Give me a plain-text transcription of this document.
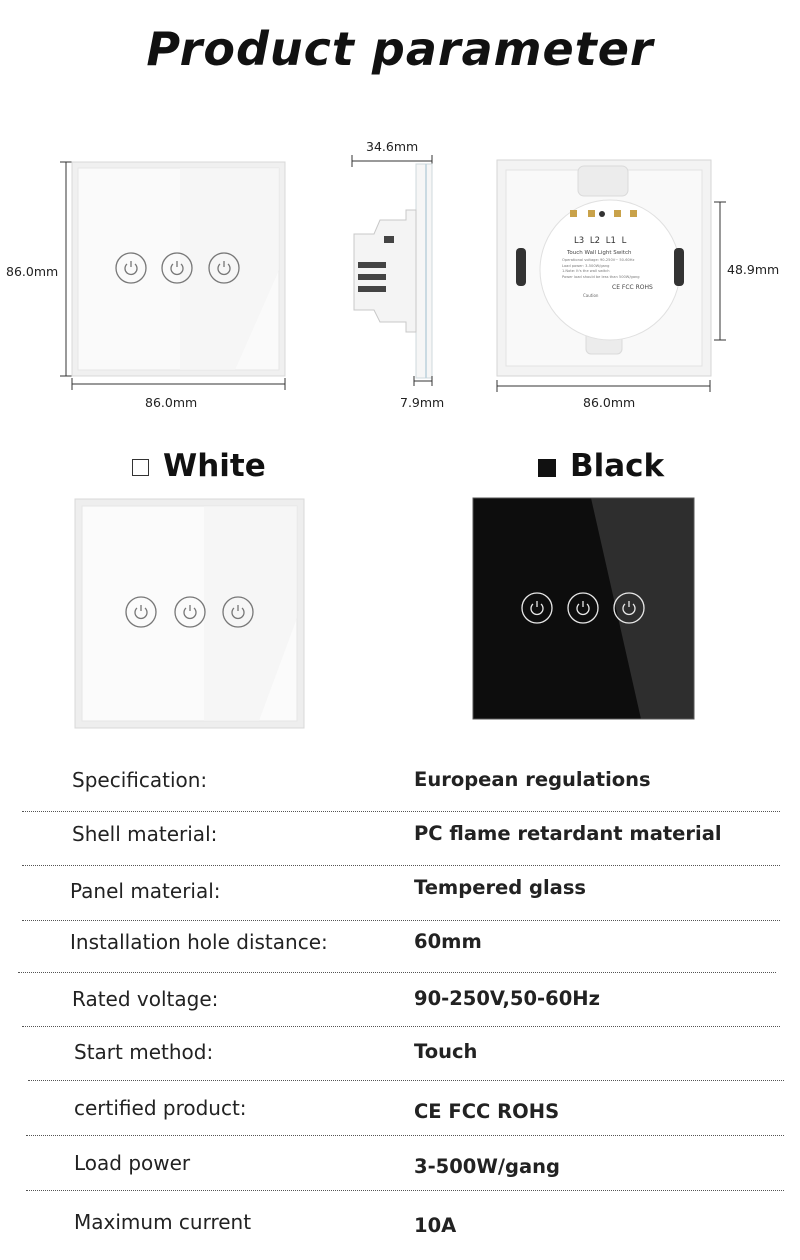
Product parameter
86.0mm
86.0mm
34.6mm
7.9mm
L3 L2 L1 L
Touch Wall Light Switch
Operational voltage: 90-250V~ 50-60Hz
Load power: 3-500W/gang
1.Note: It's the wall switch
Power load should be less than 500W/gang
CE FCC ROHS
Caution
48.9mm
86.0mm
White	Black
Specification:	European regulations
Shell material:	PC flame retardant material
Panel material:	Tempered glass
Installation hole distance:	60mm
Rated voltage:	90-250V,50-60Hz
Start method:	Touch
certified product:	CE FCC ROHS
Load power	3-500W/gang
Maximum current	10A
